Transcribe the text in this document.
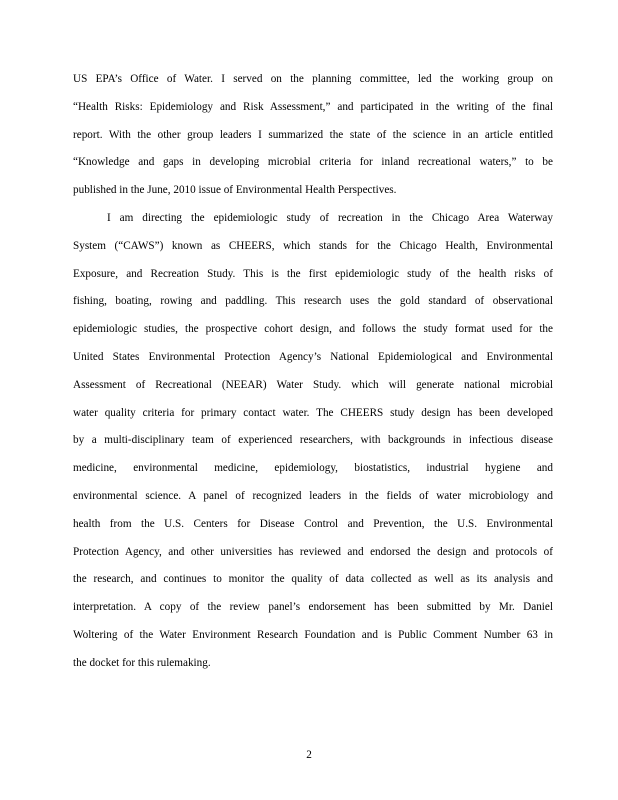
US EPA’s Office of Water. I served on the planning committee, led the working group on
“Health Risks: Epidemiology and Risk Assessment,” and participated in the writing of the final
report. With the other group leaders I summarized the state of the science in an article entitled
“Knowledge and gaps in developing microbial criteria for inland recreational waters,” to be
published in the June, 2010 issue of Environmental Health Perspectives.
I am directing the epidemiologic study of recreation in the Chicago Area Waterway
System (“CAWS”) known as CHEERS, which stands for the Chicago Health, Environmental
Exposure, and Recreation Study. This is the first epidemiologic study of the health risks of
fishing, boating, rowing and paddling. This research uses the gold standard of observational
epidemiologic studies, the prospective cohort design, and follows the study format used for the
United States Environmental Protection Agency’s National Epidemiological and Environmental
Assessment of Recreational (NEEAR) Water Study. which will generate national microbial
water quality criteria for primary contact water. The CHEERS study design has been developed
by a multi-disciplinary team of experienced researchers, with backgrounds in infectious disease
medicine, environmental medicine, epidemiology, biostatistics, industrial hygiene and
environmental science. A panel of recognized leaders in the fields of water microbiology and
health from the U.S. Centers for Disease Control and Prevention, the U.S. Environmental
Protection Agency, and other universities has reviewed and endorsed the design and protocols of
the research, and continues to monitor the quality of data collected as well as its analysis and
interpretation. A copy of the review panel’s endorsement has been submitted by Mr. Daniel
Woltering of the Water Environment Research Foundation and is Public Comment Number 63 in
the docket for this rulemaking.
2
